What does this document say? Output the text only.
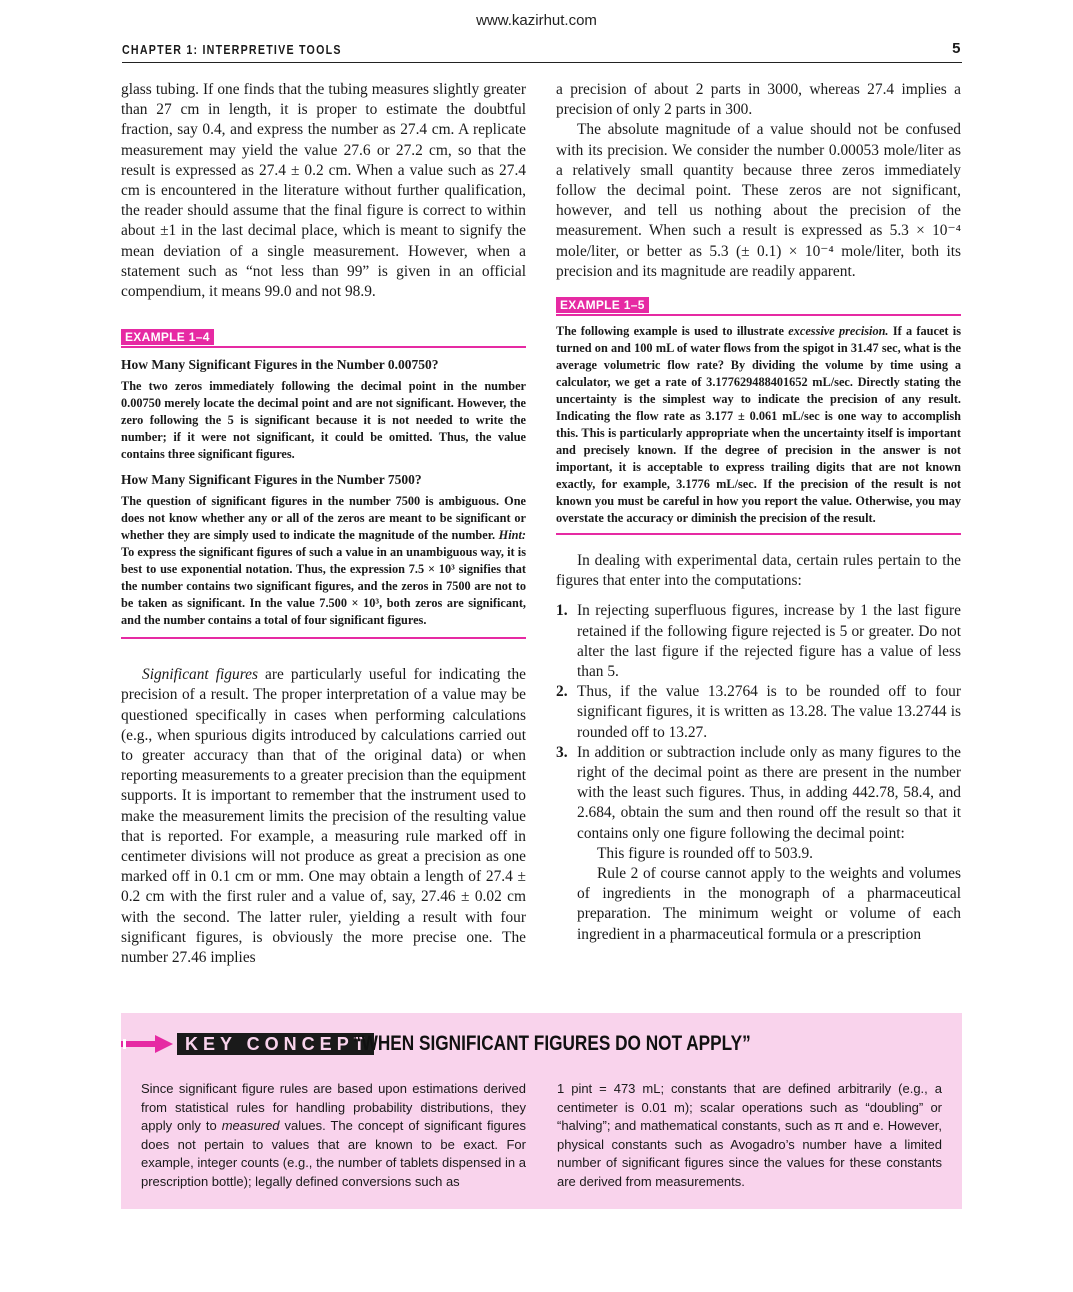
www.kazirhut.com
CHAPTER 1: INTERPRETIVE TOOLS	5

glass tubing. If one finds that the tubing measures slightly greater than 27 cm in length, it is proper to estimate the doubtful fraction, say 0.4, and express the number as 27.4 cm. A replicate measurement may yield the value 27.6 or 27.2 cm, so that the result is expressed as 27.4 ± 0.2 cm. When a value such as 27.4 cm is encountered in the literature without further qualification, the reader should assume that the final figure is correct to within about ±1 in the last decimal place, which is meant to signify the mean deviation of a single measurement. However, when a statement such as “not less than 99” is given in an official compendium, it means 99.0 and not 98.9.

EXAMPLE 1–4
How Many Significant Figures in the Number 0.00750?

The two zeros immediately following the decimal point in the number 0.00750 merely locate the decimal point and are not significant. However, the zero following the 5 is significant because it is not needed to write the number; if it were not significant, it could be omitted. Thus, the value contains three significant figures.

How Many Significant Figures in the Number 7500?

The question of significant figures in the number 7500 is ambiguous. One does not know whether any or all of the zeros are meant to be significant or whether they are simply used to indicate the magnitude of the number. Hint: To express the significant figures of such a value in an unambiguous way, it is best to use exponential notation. Thus, the expression 7.5 × 10³ signifies that the number contains two significant figures, and the zeros in 7500 are not to be taken as significant. In the value 7.500 × 10³, both zeros are significant, and the number contains a total of four significant figures.

Significant figures are particularly useful for indicating the precision of a result. The proper interpretation of a value may be questioned specifically in cases when performing calculations (e.g., when spurious digits introduced by calculations carried out to greater accuracy than that of the original data) or when reporting measurements to a greater precision than the equipment supports. It is important to remember that the instrument used to make the measurement limits the precision of the resulting value that is reported. For example, a measuring rule marked off in centimeter divisions will not produce as great a precision as one marked off in 0.1 cm or mm. One may obtain a length of 27.4 ± 0.2 cm with the first ruler and a value of, say, 27.46 ± 0.02 cm with the second. The latter ruler, yielding a result with four significant figures, is obviously the more precise one. The number 27.46 implies

a precision of about 2 parts in 3000, whereas 27.4 implies a precision of only 2 parts in 300.

The absolute magnitude of a value should not be confused with its precision. We consider the number 0.00053 mole/liter as a relatively small quantity because three zeros immediately follow the decimal point. These zeros are not significant, however, and tell us nothing about the precision of the measurement. When such a result is expressed as 5.3 × 10⁻⁴ mole/liter, or better as 5.3 (± 0.1) × 10⁻⁴ mole/liter, both its precision and its magnitude are readily apparent.

EXAMPLE 1–5

The following example is used to illustrate excessive precision. If a faucet is turned on and 100 mL of water flows from the spigot in 31.47 sec, what is the average volumetric flow rate? By dividing the volume by time using a calculator, we get a rate of 3.177629488401652 mL/sec. Directly stating the uncertainty is the simplest way to indicate the precision of any result. Indicating the flow rate as 3.177 ± 0.061 mL/sec is one way to accomplish this. This is particularly appropriate when the uncertainty itself is important and precisely known. If the degree of precision in the answer is not important, it is acceptable to express trailing digits that are not known exactly, for example, 3.1776 mL/sec. If the precision of the result is not known you must be careful in how you report the value. Otherwise, you may overstate the accuracy or diminish the precision of the result.

In dealing with experimental data, certain rules pertain to the figures that enter into the computations:

1. In rejecting superfluous figures, increase by 1 the last figure retained if the following figure rejected is 5 or greater. Do not alter the last figure if the rejected figure has a value of less than 5.
2. Thus, if the value 13.2764 is to be rounded off to four significant figures, it is written as 13.28. The value 13.2744 is rounded off to 13.27.
3. In addition or subtraction include only as many figures to the right of the decimal point as there are present in the number with the least such figures. Thus, in adding 442.78, 58.4, and 2.684, obtain the sum and then round off the result so that it contains only one figure following the decimal point:

This figure is rounded off to 503.9.

Rule 2 of course cannot apply to the weights and volumes of ingredients in the monograph of a pharmaceutical preparation. The minimum weight or volume of each ingredient in a pharmaceutical formula or a prescription

KEY CONCEPT
“WHEN SIGNIFICANT FIGURES DO NOT APPLY”
Since significant figure rules are based upon estimations derived from statistical rules for handling probability distributions, they apply only to measured values. The concept of significant figures does not pertain to values that are known to be exact. For example, integer counts (e.g., the number of tablets dispensed in a prescription bottle); legally defined conversions such as
1 pint = 473 mL; constants that are defined arbitrarily (e.g., a centimeter is 0.01 m); scalar operations such as “doubling” or “halving”; and mathematical constants, such as π and e. However, physical constants such as Avogadro’s number have a limited number of significant figures since the values for these constants are derived from measurements.
